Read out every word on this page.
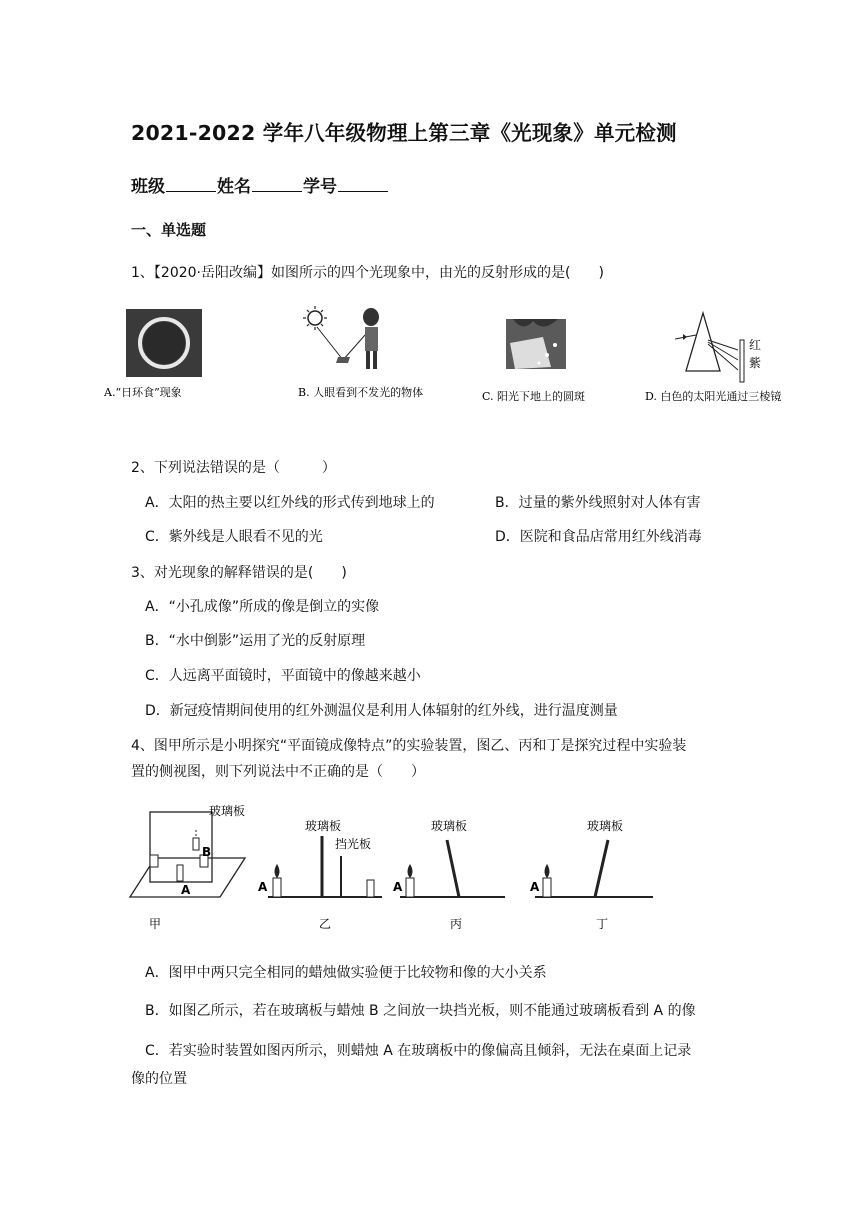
2021-2022 学年八年级物理上第三章《光现象》单元检测
班级	姓名	学号
一、单选题
1、【2020·岳阳改编】如图所示的四个光现象中，由光的反射形成的是(　　)
红
紫
A.“日环食”现象	B. 人眼看到不发光的物体	C. 阳光下地上的圆斑	D. 白色的太阳光通过三棱镜
2、下列说法错误的是（　　　）
A．太阳的热主要以红外线的形式传到地球上的	B．过量的紫外线照射对人体有害
C．紫外线是人眼看不见的光	D．医院和食品店常用红外线消毒
3、对光现象的解释错误的是(　　)
A．“小孔成像”所成的像是倒立的实像
B．“水中倒影”运用了光的反射原理
C．人远离平面镜时，平面镜中的像越来越小
D．新冠疫情期间使用的红外测温仪是利用人体辐射的红外线，进行温度测量
4、图甲所示是小明探究“平面镜成像特点”的实验装置，图乙、丙和丁是探究过程中实验装
置的侧视图，则下列说法中不正确的是（　　）
A
B
玻璃板
甲
A
玻璃板
挡光板
乙
A
玻璃板
丙
A
玻璃板
丁
A．图甲中两只完全相同的蜡烛做实验便于比较物和像的大小关系
B．如图乙所示，若在玻璃板与蜡烛 B 之间放一块挡光板，则不能通过玻璃板看到 A 的像
C．若实验时装置如图丙所示，则蜡烛 A 在玻璃板中的像偏高且倾斜，无法在桌面上记录
像的位置
